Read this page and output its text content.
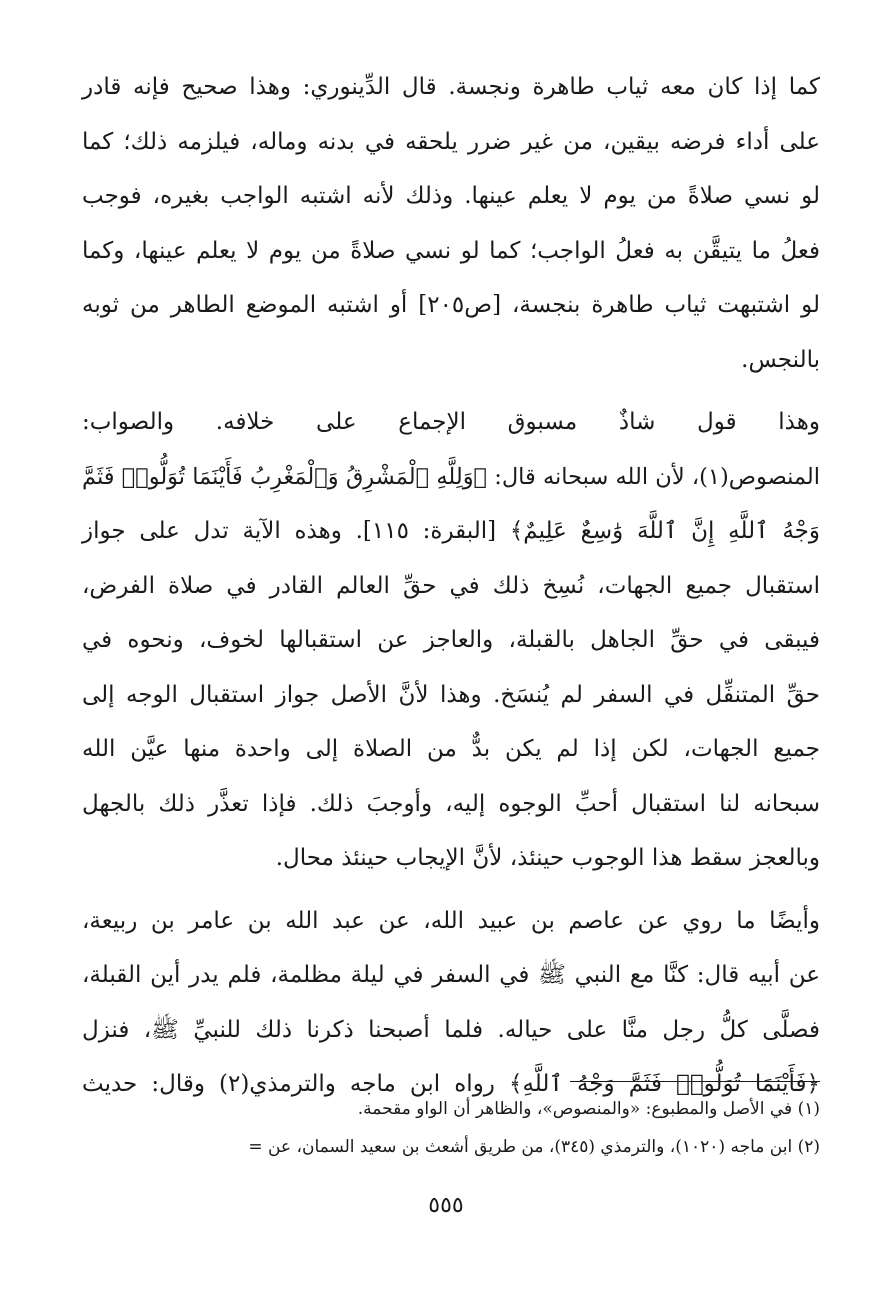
كما إذا كان معه ثياب طاهرة ونجسة. قال الدِّينوري: وهذا صحيح فإنه قادر
على أداء فرضه بيقين، من غير ضرر يلحقه في بدنه وماله، فيلزمه ذلك؛ كما
لو نسي صلاةً من يوم لا يعلم عينها. وذلك لأنه اشتبه الواجب بغيره، فوجب
فعلُ ما يتيقَّن به فعلُ الواجب؛ كما لو نسي صلاةً من يوم لا يعلم عينها، وكما
لو اشتبهت ثياب طاهرة بنجسة، [ص٢٠٥] أو اشتبه الموضع الطاهر من ثوبه
بالنجس.
وهذا قول شاذٌ مسبوق الإجماع على خلافه. والصواب:
المنصوص(١)، لأن الله سبحانه قال: ﴿وَلِلَّهِ ٱلْمَشْرِقُ وَٱلْمَغْرِبُ فَأَيْنَمَا تُوَلُّوا۟ فَثَمَّ
وَجْهُ ٱللَّهِ إِنَّ ٱللَّهَ وَٰسِعٌ عَلِيمٌ﴾ [البقرة: ١١٥]. وهذه الآية تدل على جواز
استقبال جميع الجهات، نُسِخ ذلك في حقِّ العالم القادر في صلاة الفرض،
فيبقى في حقِّ الجاهل بالقبلة، والعاجز عن استقبالها لخوف، ونحوه في
حقِّ المتنفِّل في السفر لم يُنسَخ. وهذا لأنَّ الأصل جواز استقبال الوجه إلى
جميع الجهات، لكن إذا لم يكن بدٌّ من الصلاة إلى واحدة منها عيَّن الله
سبحانه لنا استقبال أحبِّ الوجوه إليه، وأوجبَ ذلك. فإذا تعذَّر ذلك بالجهل
وبالعجز سقط هذا الوجوب حينئذ، لأنَّ الإيجاب حينئذ محال.
وأيضًا ما روي عن عاصم بن عبيد الله، عن عبد الله بن عامر بن ربيعة،
عن أبيه قال: كنَّا مع النبي ﷺ في السفر في ليلة مظلمة، فلم يدر أين القبلة،
فصلَّى كلُّ رجل منَّا على حياله. فلما أصبحنا ذكرنا ذلك للنبيِّ ﷺ، فنزل
﴿فَأَيْنَمَا تُوَلُّوا۟ فَثَمَّ وَجْهُ ٱللَّهِ﴾ رواه ابن ماجه والترمذي(٢) وقال: حديث
(١) في الأصل والمطبوع: «والمنصوص»، والظاهر أن الواو مقحمة.
(٢) ابن ماجه (١٠٢٠)، والترمذي (٣٤٥)، من طريق أشعث بن سعيد السمان، عن =
٥٥٥
